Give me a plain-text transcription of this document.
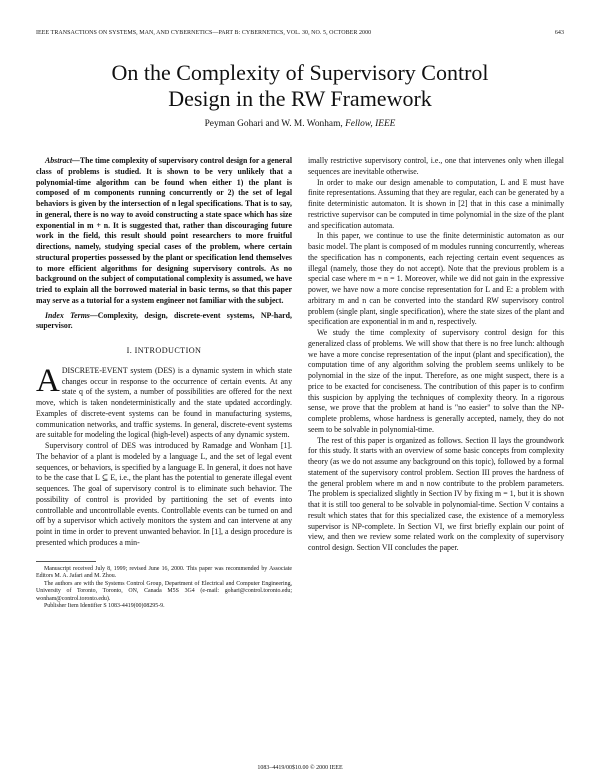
IEEE TRANSACTIONS ON SYSTEMS, MAN, AND CYBERNETICS—PART B: CYBERNETICS, VOL. 30, NO. 5, OCTOBER 2000	643
On the Complexity of Supervisory Control
Design in the RW Framework
Peyman Gohari and W. M. Wonham, Fellow, IEEE

Abstract—The time complexity of supervisory control design for a general class of problems is studied. It is shown to be very unlikely that a polynomial-time algorithm can be found when either 1) the plant is composed of m components running concurrently or 2) the set of legal behaviors is given by the intersection of n legal specifications. That is to say, in general, there is no way to avoid constructing a state space which has size exponential in m + n. It is suggested that, rather than discouraging future work in the field, this result should point researchers to more fruitful directions, namely, studying special cases of the problem, where certain structural properties possessed by the plant or specification lend themselves to more efficient algorithms for designing supervisory controls. As no background on the subject of computational complexity is assumed, we have tried to explain all the borrowed material in basic terms, so that this paper may serve as a tutorial for a system engineer not familiar with the subject.

Index Terms—Complexity, design, discrete-event systems, NP-hard, supervisor.

I. INTRODUCTION

ADISCRETE-EVENT system (DES) is a dynamic system in which state changes occur in response to the occurrence of certain events. At any state q of the system, a number of possibilities are offered for the next move, which is taken nondeterministically and the state updated accordingly. Examples of discrete-event systems can be found in manufacturing systems, communication networks, and traffic systems. In general, discrete-event systems are suitable for modeling the logical (high-level) aspects of any dynamic system.

Supervisory control of DES was introduced by Ramadge and Wonham [1]. The behavior of a plant is modeled by a language L, and the set of legal event sequences, or behaviors, is specified by a language E. In general, it does not have to be the case that L ⊆ E, i.e., the plant has the potential to generate illegal event sequences. The goal of supervisory control is to eliminate such behavior. The possibility of control is provided by partitioning the set of events into controllable and uncontrollable events. Controllable events can be turned on and off by a supervisor which actively monitors the system and can intervene at any point in time in order to prevent unwanted behavior. In [1], a design procedure is presented which produces a min-

Manuscript received July 8, 1999; revised June 16, 2000. This paper was recommended by Associate Editors M. A. Jafari and M. Zhou.

The authors are with the Systems Control Group, Department of Electrical and Computer Engineering, University of Toronto, Toronto, ON, Canada M5S 3G4 (e-mail: gohari@control.toronto.edu; wonham@control.toronto.edu).

Publisher Item Identifier S 1083-4419(00)08295-9.

imally restrictive supervisory control, i.e., one that intervenes only when illegal sequences are inevitable otherwise.

In order to make our design amenable to computation, L and E must have finite representations. Assuming that they are regular, each can be generated by a finite deterministic automaton. It is shown in [2] that in this case a minimally restrictive supervisor can be computed in time polynomial in the size of the plant and specification automata.

In this paper, we continue to use the finite deterministic automaton as our basic model. The plant is composed of m modules running concurrently, whereas the specification has n components, each rejecting certain event sequences as illegal (namely, those they do not accept). Note that the previous problem is a special case where m = n = 1. Moreover, while we did not gain in the expressive power, we have now a more concise representation for L and E: a problem with arbitrary m and n can be converted into the standard RW supervisory control problem (single plant, single specification), where the state sizes of the plant and specification are exponential in m and n, respectively.

We study the time complexity of supervisory control design for this generalized class of problems. We will show that there is no free lunch: although we have a more concise representation of the input (plant and specification), the computation time of any algorithm solving the problem seems unlikely to be polynomial in the size of the input. Therefore, as one might suspect, there is a price to be exacted for conciseness. The contribution of this paper is to confirm this suspicion by applying the techniques of complexity theory. In a rigorous sense, we prove that the problem at hand is "no easier" to solve than the NP-complete problems, whose hardness is generally accepted, namely, they do not seem to be solvable in polynomial-time.

The rest of this paper is organized as follows. Section II lays the groundwork for this study. It starts with an overview of some basic concepts from complexity theory (as we do not assume any background on this topic), followed by a formal statement of the supervisory control problem. Section III proves the hardness of the general problem where m and n now contribute to the problem parameters. The problem is specialized slightly in Section IV by fixing m = 1, but it is shown that it is still too general to be solvable in polynomial-time. Section V contains a result which states that for this specialized case, the existence of a memoryless supervisor is NP-complete. In Section VI, we first briefly explain our point of view, and then we review some related work on the complexity of supervisory control design. Section VII concludes the paper.

1083–4419/00$10.00 © 2000 IEEE
